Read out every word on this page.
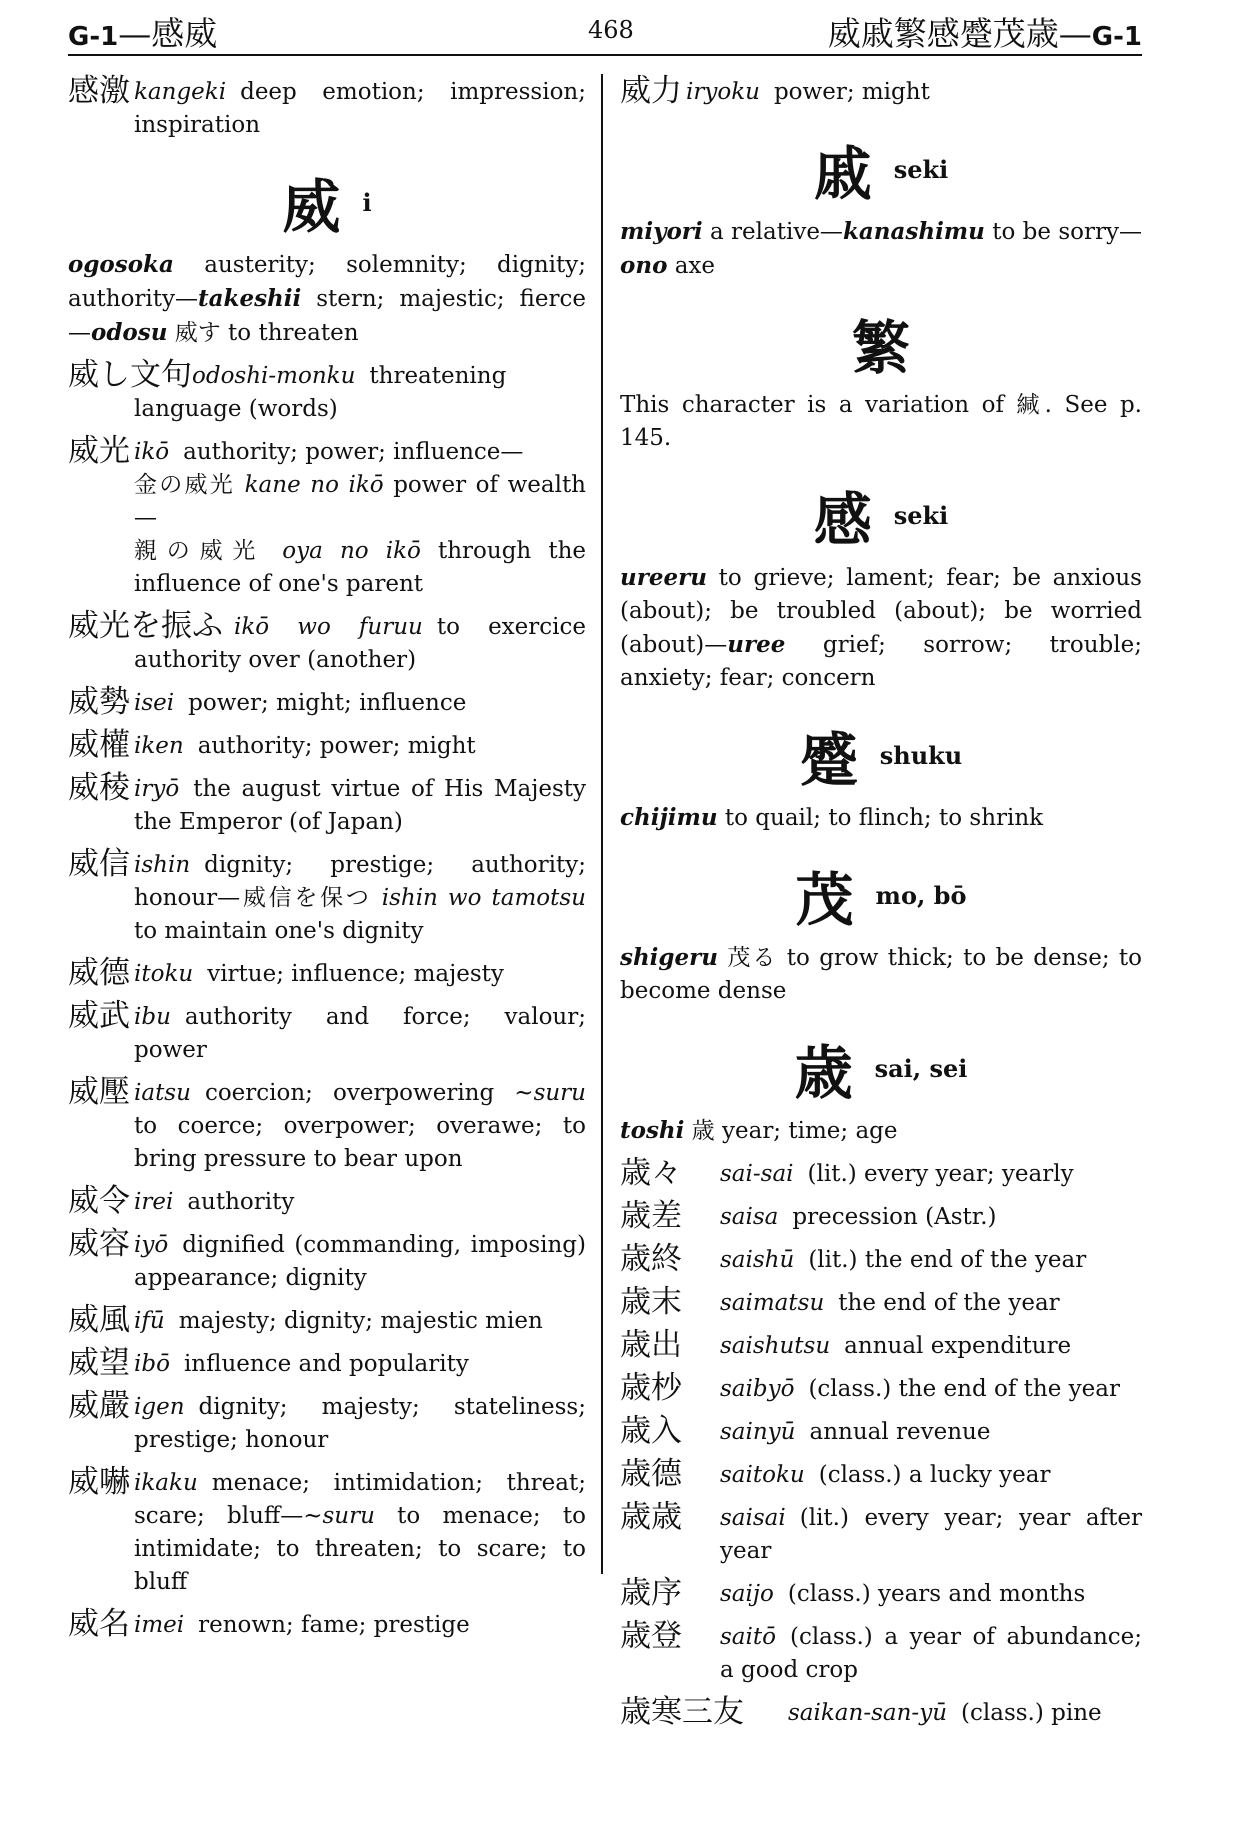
G-1—感威	468	威戚繁感蹙茂歳—G-1
感激 kangeki deep emotion; impression; inspiration
威i
ogosoka austerity; solemnity; dignity; authority—takeshii stern; majestic; fierce—odosu 威す to threaten
威し文句 odoshi-monku threatening language (words)
威光 ikō authority; power; influence—
金の威光 kane no ikō power of wealth—
親の威光 oya no ikō through the influence of one's parent
威光を振ふ ikō wo furuu to exercice authority over (another)
威勢 isei power; might; influence
威權 iken authority; power; might
威稜 iryō the august virtue of His Majesty the Emperor (of Japan)
威信 ishin dignity; prestige; authority; honour—威信を保つ ishin wo tamotsu to maintain one's dignity
威德 itoku virtue; influence; majesty
威武 ibu authority and force; valour; power
威壓 iatsu coercion; overpowering ~suru to coerce; overpower; overawe; to bring pressure to bear upon
威令 irei authority
威容 iyō dignified (commanding, imposing) appearance; dignity
威風 ifū majesty; dignity; majestic mien
威望 ibō influence and popularity
威嚴 igen dignity; majesty; stateliness; prestige; honour
威嚇 ikaku menace; intimidation; threat; scare; bluff—~suru to menace; to intimidate; to threaten; to scare; to bluff
威名 imei renown; fame; prestige
威力 iryoku power; might
戚seki
miyori a relative—kanashimu to be sorry—ono axe
繁
This character is a variation of 緘. See p. 145.
感seki
ureeru to grieve; lament; fear; be anxious (about); be troubled (about); be worried (about)—uree grief; sorrow; trouble; anxiety; fear; concern
蹙shuku
chijimu to quail; to flinch; to shrink
茂mo, bō
shigeru 茂る to grow thick; to be dense; to become dense
歳sai, sei
toshi 歳 year; time; age
歳々 sai-sai (lit.) every year; yearly
歳差 saisa precession (Astr.)
歳終 saishū (lit.) the end of the year
歳末 saimatsu the end of the year
歳出 saishutsu annual expenditure
歳杪 saibyō (class.) the end of the year
歳入 sainyū annual revenue
歳德 saitoku (class.) a lucky year
歳歳 saisai (lit.) every year; year after year
歳序 saijo (class.) years and months
歳登 saitō (class.) a year of abundance; a good crop
歳寒三友 saikan-san-yū (class.) pine
